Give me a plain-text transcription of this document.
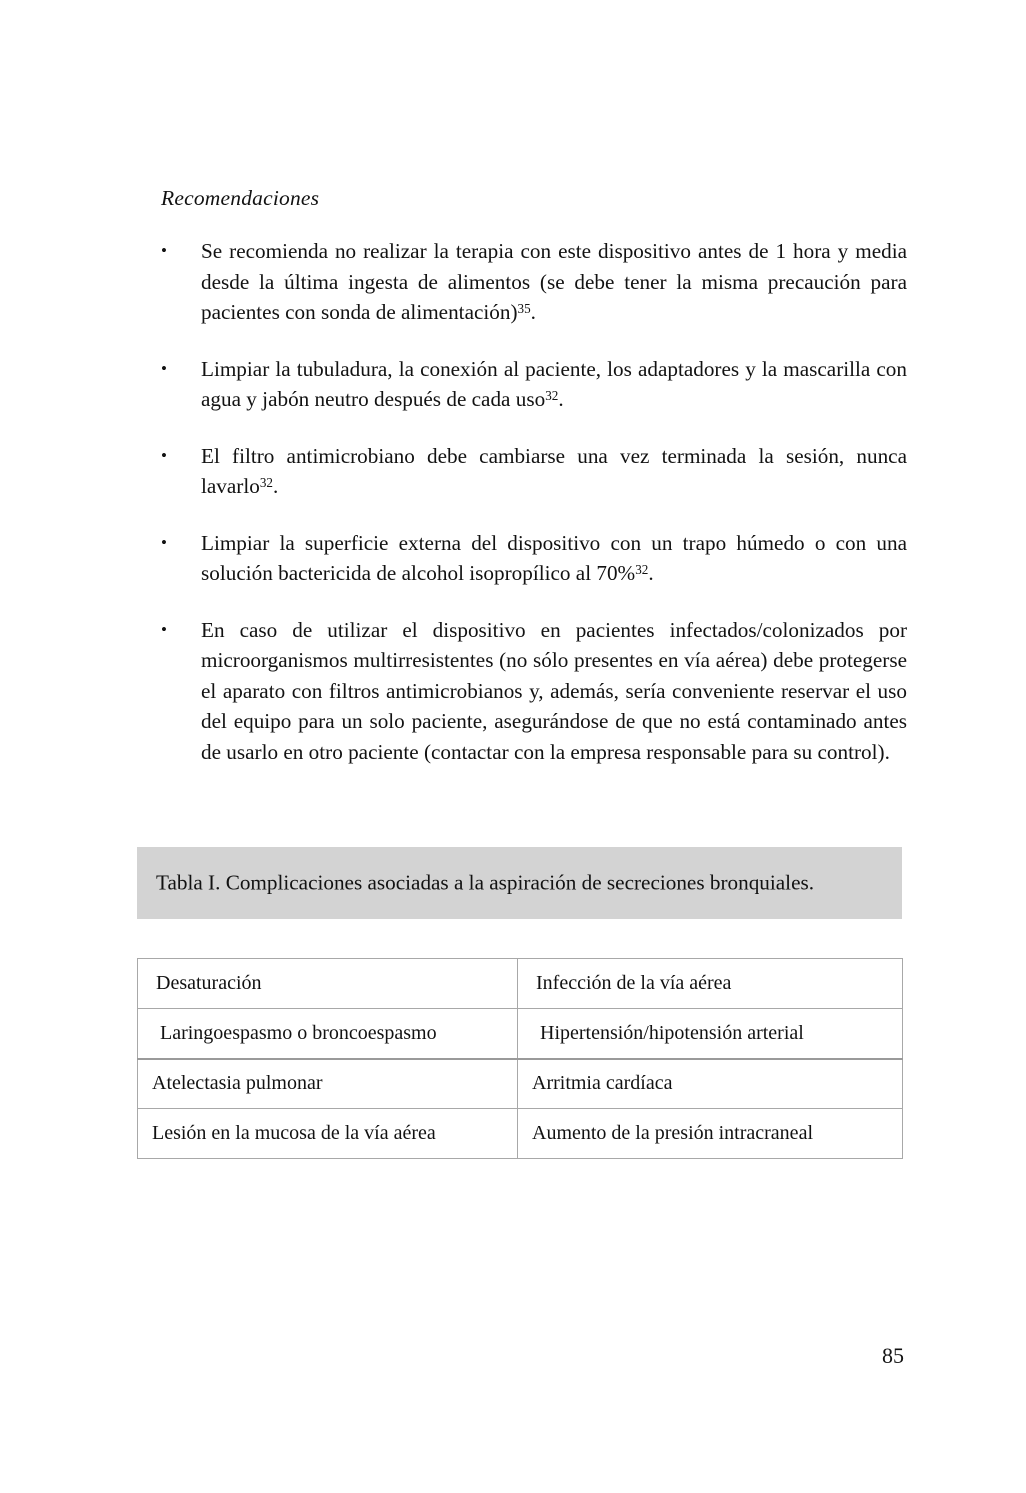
Recomendaciones
•	Se recomienda no realizar la terapia con este dispositivo antes de 1 hora y media desde la última ingesta de alimentos (se debe tener la misma precaución para pacientes con sonda de alimentación)$^{35}$.
•	Limpiar la tubuladura, la conexión al paciente, los adaptadores y la mascarilla con agua y jabón neutro después de cada uso$^{32}$.
•	El filtro antimicrobiano debe cambiarse una vez terminada la sesión, nunca lavarlo$^{32}$.
•	Limpiar la superficie externa del dispositivo con un trapo húmedo o con una solución bactericida de alcohol isopropílico al 70%$^{32}$.
•	En caso de utilizar el dispositivo en pacientes infectados/colonizados por microorganismos multirresistentes (no sólo presentes en vía aérea) debe protegerse el aparato con filtros antimicrobianos y, además, sería conveniente reservar el uso del equipo para un solo paciente, asegurándose de que no está contaminado antes de usarlo en otro paciente (contactar con la empresa responsable para su control).
Tabla I. Complicaciones asociadas a la aspiración de secreciones bronquiales.
Desaturación	Infección de la vía aérea
Laringoespasmo o broncoespasmo	Hipertensión/hipotensión arterial
Atelectasia pulmonar	Arritmia cardíaca
Lesión en la mucosa de la vía aérea	Aumento de la presión intracraneal
85
